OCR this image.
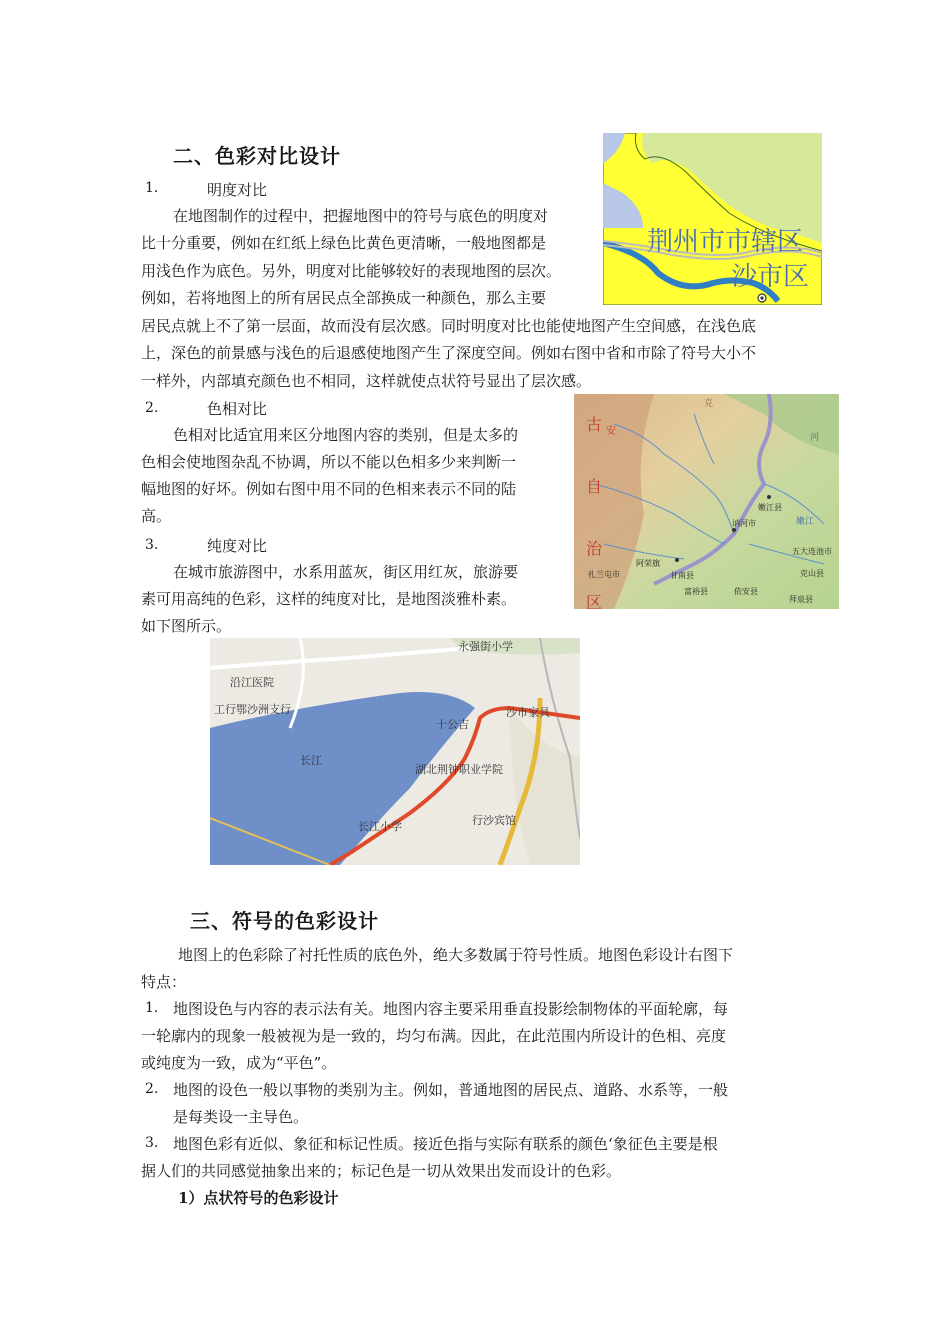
二、色彩对比设计
1.	明度对比
在地图制作的过程中，把握地图中的符号与底色的明度对
比十分重要，例如在红纸上绿色比黄色更清晰，一般地图都是
用浅色作为底色。另外，明度对比能够较好的表现地图的层次。
例如，若将地图上的所有居民点全部换成一种颜色，那么主要
居民点就上不了第一层面，故而没有层次感。同时明度对比也能使地图产生空间感，在浅色底
上，深色的前景感与浅色的后退感使地图产生了深度空间。例如右图中省和市除了符号大小不
一样外，内部填充颜色也不相同，这样就使点状符号显出了层次感。
2.	色相对比
色相对比适宜用来区分地图内容的类别，但是太多的
色相会使地图杂乱不协调，所以不能以色相多少来判断一
幅地图的好坏。例如右图中用不同的色相来表示不同的陆
高。
3.	纯度对比
在城市旅游图中，水系用蓝灰，街区用红灰，旅游要
素可用高纯的色彩，这样的纯度对比，是地图淡雅朴素。
如下图所示。
荆州市市辖区
沙市区
古
自
治
区
安
嫩江县
讷河市
五大连池市
阿荣旗
扎兰屯市	甘南县
富裕县	依安县
克山县
拜泉县
克
河
嫩江
永强街小学
沿江医院
工行鄂沙洲支行
十公吉
长江
湖北荆钟职业学院
沙市家具
长江小学	行沙宾馆
三、符号的色彩设计
地图上的色彩除了衬托性质的底色外，绝大多数属于符号性质。地图色彩设计右图下
特点：
1. 地图设色与内容的表示法有关。地图内容主要采用垂直投影绘制物体的平面轮廓，每
一轮廓内的现象一般被视为是一致的，均匀布满。因此，在此范围内所设计的色相、亮度
或纯度为一致，成为“平色”。
2. 地图的设色一般以事物的类别为主。例如，普通地图的居民点、道路、水系等，一般
是每类设一主导色。
3. 地图色彩有近似、象征和标记性质。接近色指与实际有联系的颜色‘象征色主要是根
据人们的共同感觉抽象出来的；标记色是一切从效果出发而设计的色彩。
1）点状符号的色彩设计
